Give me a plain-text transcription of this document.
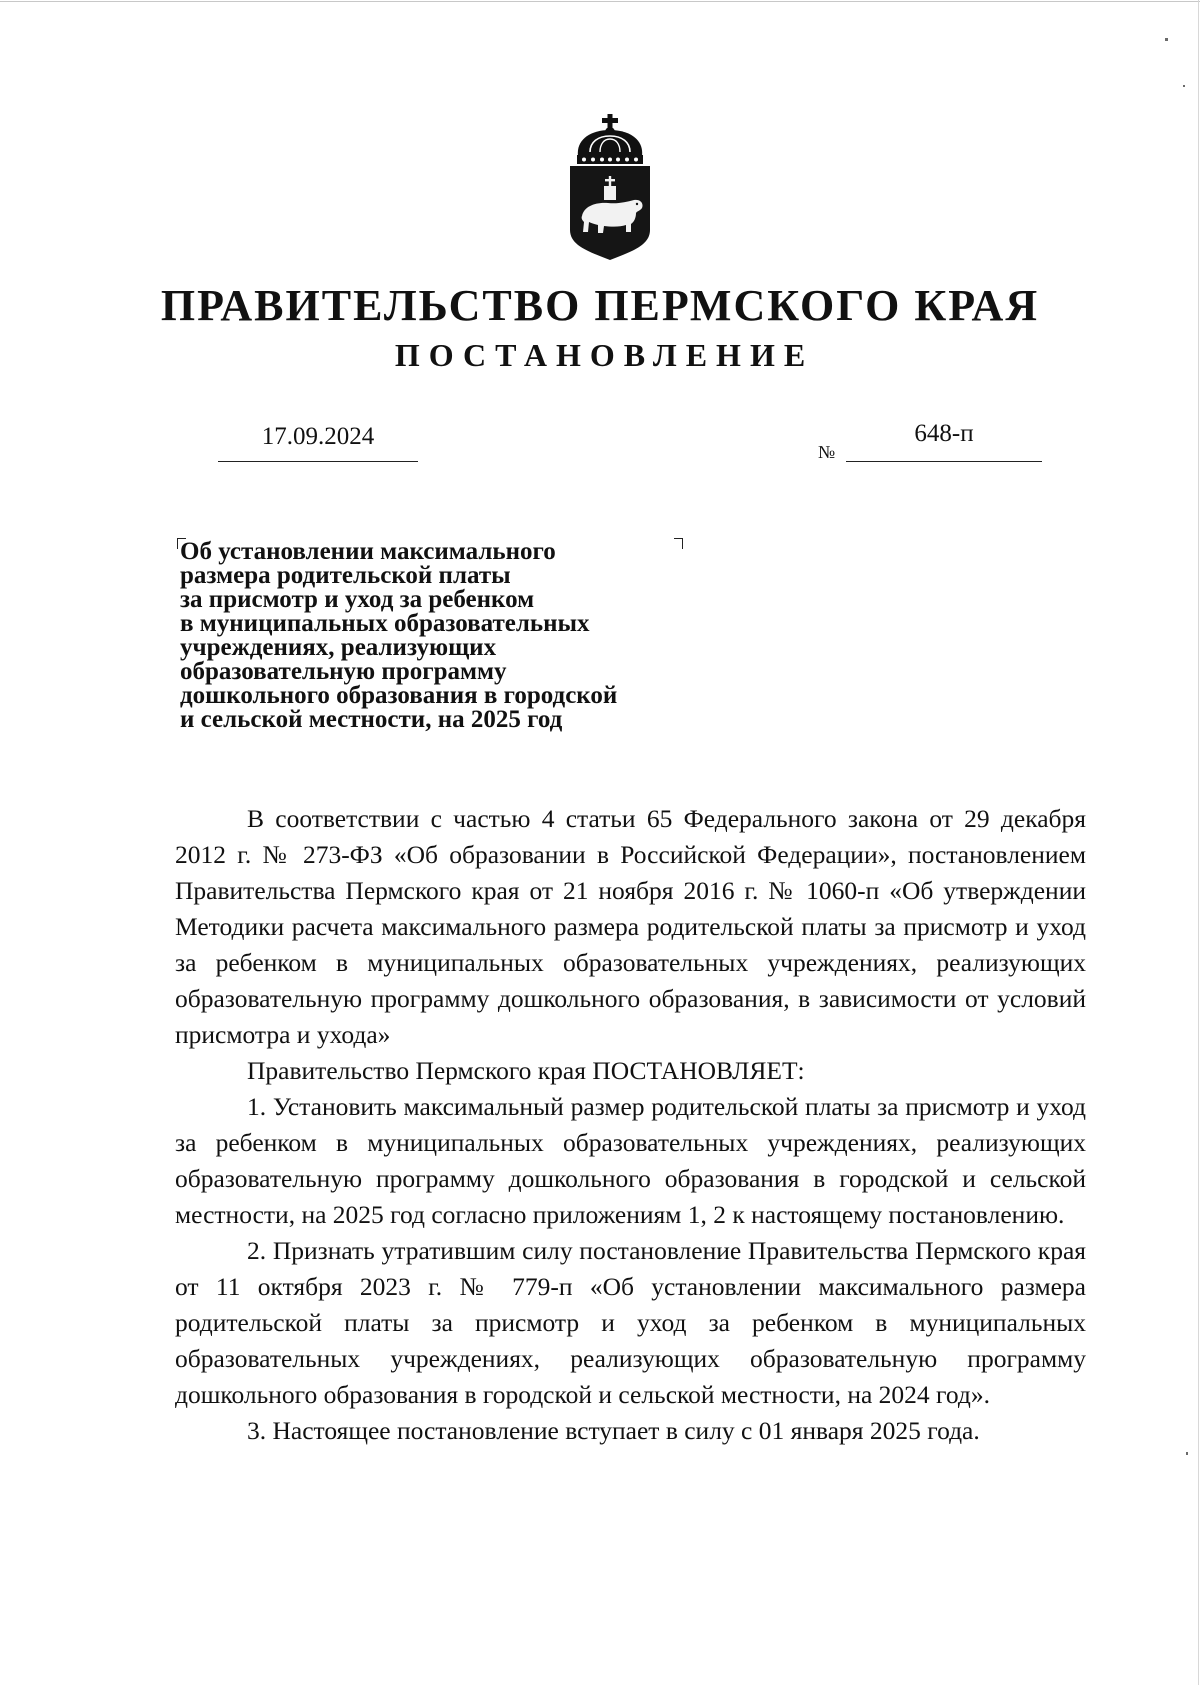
ПРАВИТЕЛЬСТВО ПЕРМСКОГО КРАЯ
ПОСТАНОВЛЕНИЕ
17.09.2024
№
648-п
Об установлении максимального
размера родительской платы
за присмотр и уход за ребенком
в муниципальных образовательных
учреждениях, реализующих
образовательную программу
дошкольного образования в городской
и сельской местности, на 2025 год

В соответствии с частью 4 статьи 65 Федерального закона от 29 декабря 2012 г. № 273-ФЗ «Об образовании в Российской Федерации», постановлением Правительства Пермского края от 21 ноября 2016 г. № 1060-п «Об утверждении Методики расчета максимального размера родительской платы за присмотр и уход за ребенком в муниципальных образовательных учреждениях, реализующих образовательную программу дошкольного образования, в зависимости от условий присмотра и ухода»

Правительство Пермского края ПОСТАНОВЛЯЕТ:

1. Установить максимальный размер родительской платы за присмотр и уход за ребенком в муниципальных образовательных учреждениях, реализующих образовательную программу дошкольного образования в городской и сельской местности, на 2025 год согласно приложениям 1, 2 к настоящему постановлению.

2. Признать утратившим силу постановление Правительства Пермского края от 11 октября 2023 г. № 779-п «Об установлении максимального размера родительской платы за присмотр и уход за ребенком в муниципальных образовательных учреждениях, реализующих образовательную программу дошкольного образования в городской и сельской местности, на 2024 год».

3. Настоящее постановление вступает в силу с 01 января 2025 года.
